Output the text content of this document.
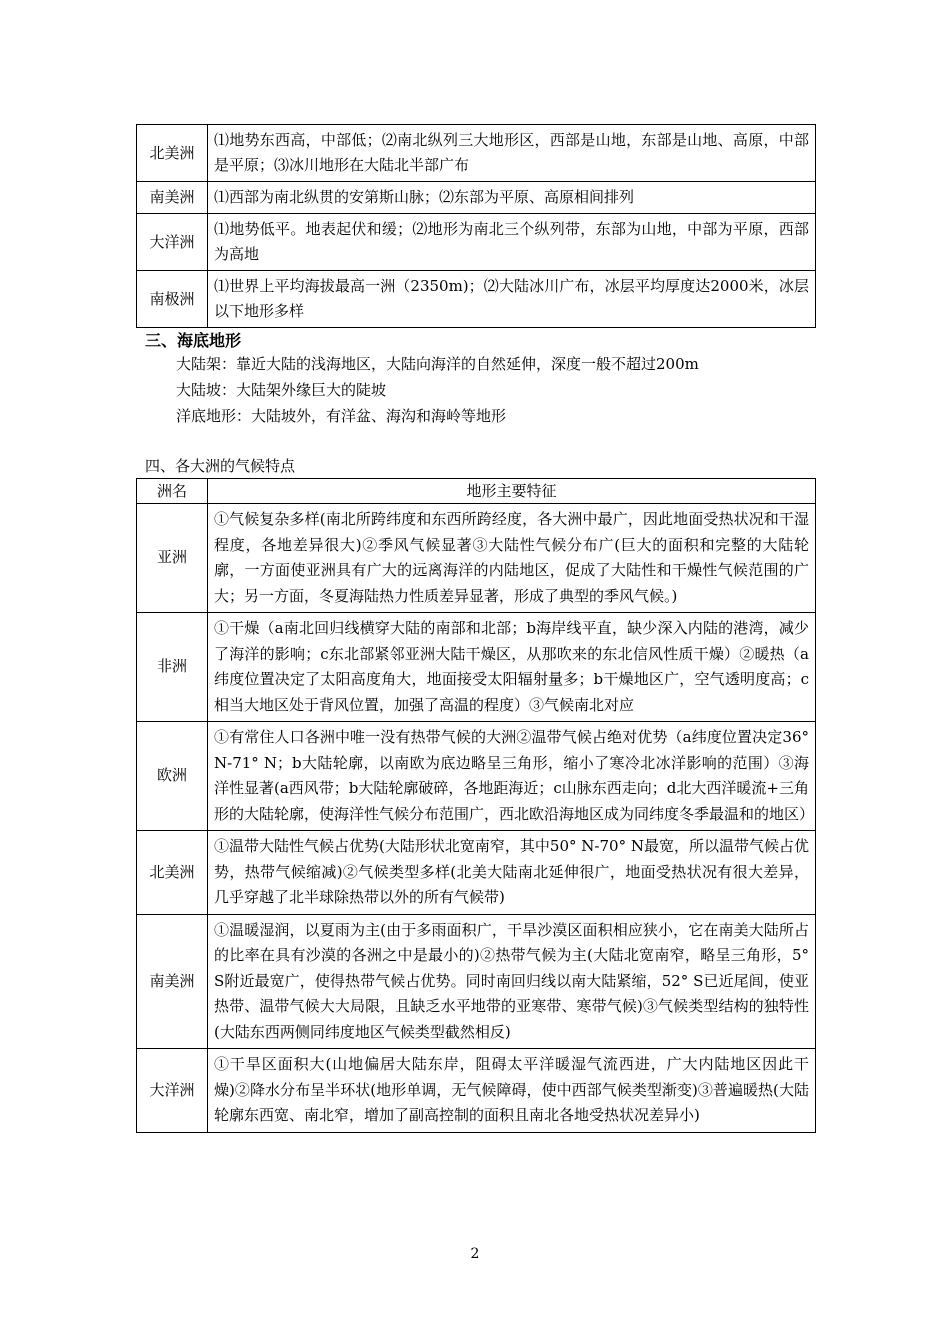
北美洲	⑴地势东西高，中部低；⑵南北纵列三大地形区，西部是山地，东部是山地、高原，中部是平原；⑶冰川地形在大陆北半部广布
南美洲	⑴西部为南北纵贯的安第斯山脉；⑵东部为平原、高原相间排列
大洋洲	⑴地势低平。地表起伏和缓；⑵地形为南北三个纵列带，东部为山地，中部为平原，西部为高地
南极洲	⑴世界上平均海拔最高一洲（2350m)；⑵大陆冰川广布，冰层平均厚度达2000米，冰层以下地形多样
三、海底地形
大陆架：靠近大陆的浅海地区，大陆向海洋的自然延伸，深度一般不超过200m
大陆坡：大陆架外缘巨大的陡坡
洋底地形：大陆坡外，有洋盆、海沟和海岭等地形
四、各大洲的气候特点
洲名	地形主要特征
亚洲	①气候复杂多样(南北所跨纬度和东西所跨经度，各大洲中最广，因此地面受热状况和干湿程度，各地差异很大)②季风气候显著③大陆性气候分布广(巨大的面积和完整的大陆轮廓，一方面使亚洲具有广大的远离海洋的内陆地区，促成了大陆性和干燥性气候范围的广大；另一方面，冬夏海陆热力性质差异显著，形成了典型的季风气候。)
非洲	①干燥（a南北回归线横穿大陆的南部和北部；b海岸线平直，缺少深入内陆的港湾，减少了海洋的影响；c东北部紧邻亚洲大陆干燥区，从那吹来的东北信风性质干燥）②暖热（a纬度位置决定了太阳高度角大，地面接受太阳辐射量多；b干燥地区广，空气透明度高；c相当大地区处于背风位置，加强了高温的程度）③气候南北对应
欧洲	①有常住人口各洲中唯一没有热带气候的大洲②温带气候占绝对优势（a纬度位置决定36° N-71° N；b大陆轮廓，以南欧为底边略呈三角形，缩小了寒冷北冰洋影响的范围）③海洋性显著(a西风带；b大陆轮廓破碎，各地距海近；c山脉东西走向；d北大西洋暖流+三角形的大陆轮廓，使海洋性气候分布范围广，西北欧沿海地区成为同纬度冬季最温和的地区）
北美洲	①温带大陆性气候占优势(大陆形状北宽南窄，其中50° N-70° N最宽，所以温带气候占优势，热带气候缩减)②气候类型多样(北美大陆南北延伸很广，地面受热状况有很大差异，几乎穿越了北半球除热带以外的所有气候带)
南美洲	①温暖湿润，以夏雨为主(由于多雨面积广，干旱沙漠区面积相应狭小，它在南美大陆所占的比率在具有沙漠的各洲之中是最小的)②热带气候为主(大陆北宽南窄，略呈三角形，5° S附近最宽广，使得热带气候占优势。同时南回归线以南大陆紧缩，52° S已近尾闾，使亚热带、温带气候大大局限，且缺乏水平地带的亚寒带、寒带气候)③气候类型结构的独特性(大陆东西两侧同纬度地区气候类型截然相反)
大洋洲	①干旱区面积大(山地偏居大陆东岸，阻碍太平洋暖湿气流西进，广大内陆地区因此干燥)②降水分布呈半环状(地形单调，无气候障碍，使中西部气候类型渐变)③普遍暖热(大陆轮廓东西宽、南北窄，增加了副高控制的面积且南北各地受热状况差异小)
2
